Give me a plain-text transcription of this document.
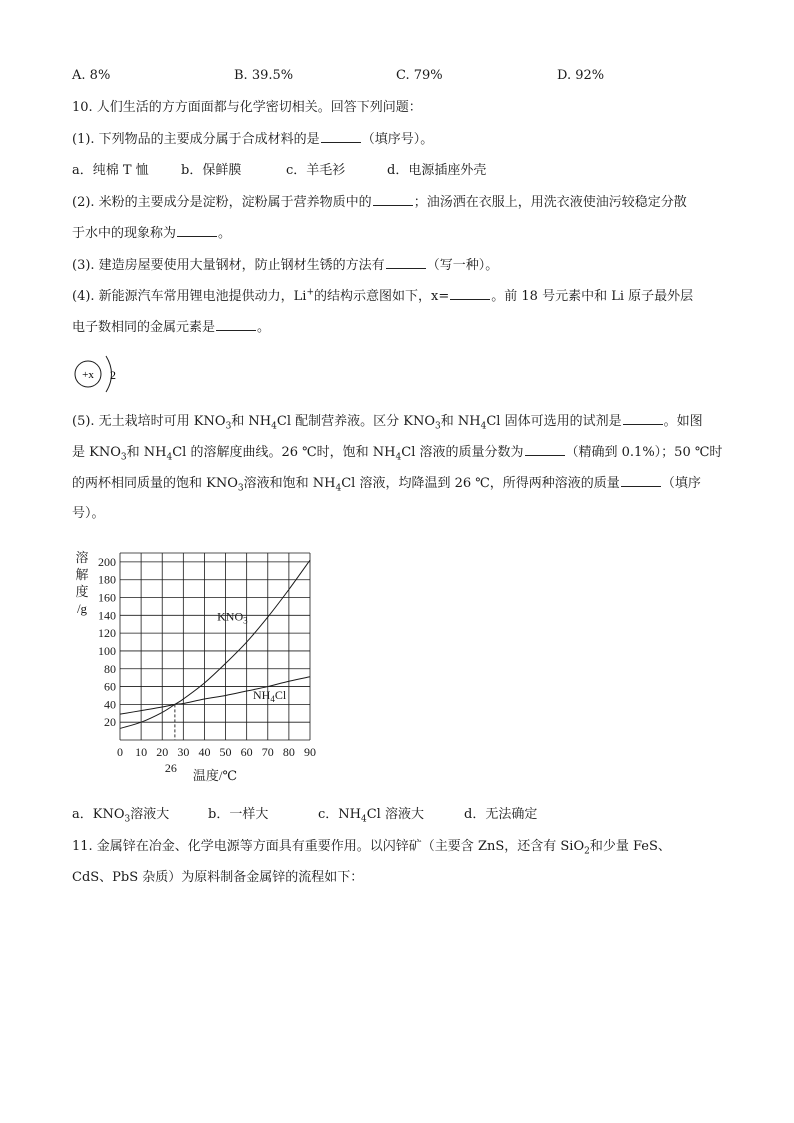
A. 8%	B. 39.5%	C. 79%	D. 92%
10. 人们生活的方方面面都与化学密切相关。回答下列问题：
(1). 下列物品的主要成分属于合成材料的是	（填序号）。
a．纯棉 T 恤 b．保鲜膜	c．羊毛衫	d．电源插座外壳
(2). 米粉的主要成分是淀粉，淀粉属于营养物质中的	；油汤洒在衣服上，用洗衣液使油污较稳定分散
于水中的现象称为	。
(3). 建造房屋要使用大量钢材，防止钢材生锈的方法有	（写一种）。
(4). 新能源汽车常用锂电池提供动力，Li+的结构示意图如下，x=	。前 18 号元素中和 Li 原子最外层
电子数相同的金属元素是	。
+x 2
(5). 无土栽培时可用 $KNO_3$和 $NH_4Cl$ 配制营养液。区分 $KNO_3$和 $NH_4Cl$ 固体可选用的试剂是	。如图
是 $KNO_3$和 $NH_4Cl$ 的溶解度曲线。26 ℃时，饱和 $NH_4Cl$ 溶液的质量分数为	（精确到 0.1%）；50 ℃时
的两杯相同质量的饱和 $KNO_3$溶液和饱和 $NH_4Cl$ 溶液，均降温到 26 ℃，所得两种溶液的质量	（填序
号）。
0 10 20 30 40 50 60 70 80 90
20
40
60
80
100
120
140
160
180
200
溶
解
度
/g
温度/℃
26
$KNO_3$
$NH_4Cl$
a．$KNO_3$溶液大	b．一样大	c．$NH_4Cl$ 溶液大	d．无法确定
11. 金属锌在冶金、化学电源等方面具有重要作用。以闪锌矿（主要含 ZnS，还含有 SiO$_2$和少量 FeS、
CdS、PbS 杂质）为原料制备金属锌的流程如下：
